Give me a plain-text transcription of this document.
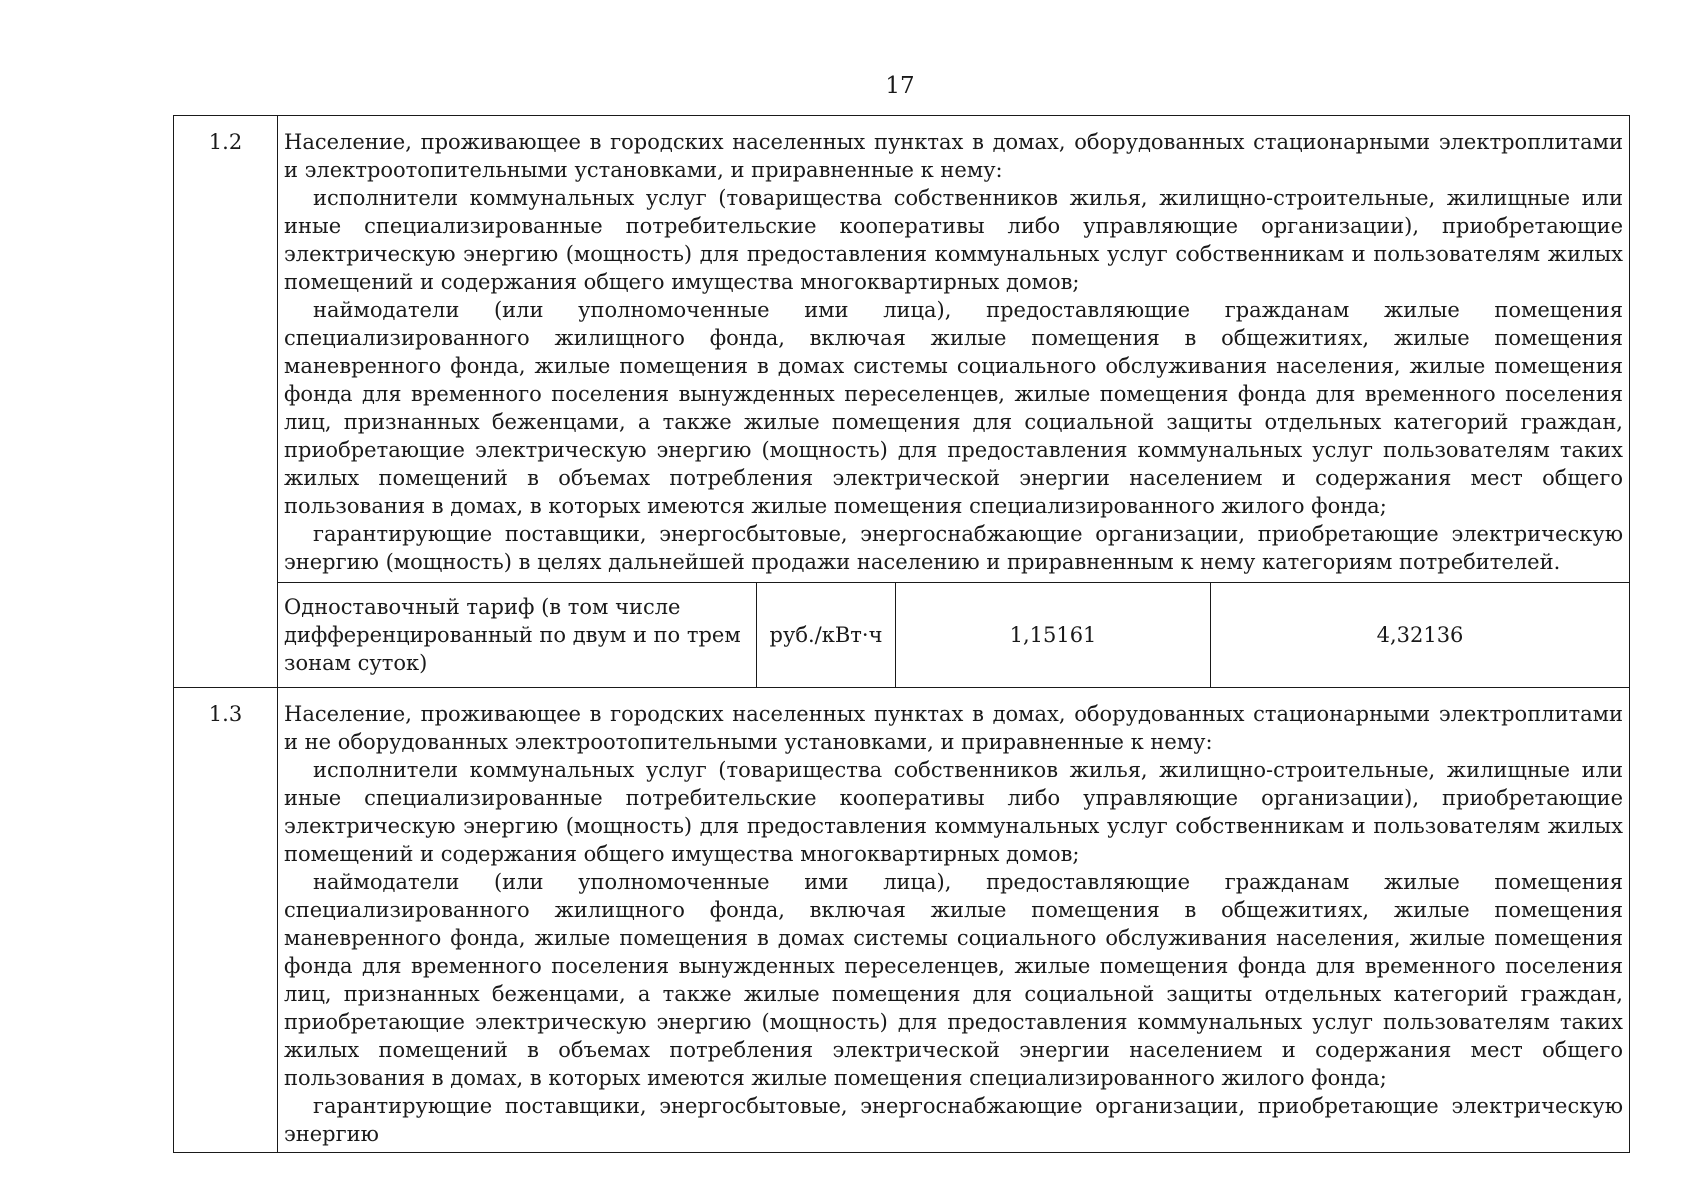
17
1.2	Население, проживающее в городских населенных пунктах в домах, оборудованных стационарными электроплитами и электроотопительными установками, и приравненные к нему:

исполнители коммунальных услуг (товарищества собственников жилья, жилищно-строительные, жилищные или иные специализированные потребительские кооперативы либо управляющие организации), приобретающие электрическую энергию (мощность) для предоставления коммунальных услуг собственникам и пользователям жилых помещений и содержания общего имущества многоквартирных домов;

наймодатели (или уполномоченные ими лица), предоставляющие гражданам жилые помещения специализированного жилищного фонда, включая жилые помещения в общежитиях, жилые помещения маневренного фонда, жилые помещения в домах системы социального обслуживания населения, жилые помещения фонда для временного поселения вынужденных переселенцев, жилые помещения фонда для временного поселения лиц, признанных беженцами, а также жилые помещения для социальной защиты отдельных категорий граждан, приобретающие электрическую энергию (мощность) для предоставления коммунальных услуг пользователям таких жилых помещений в объемах потребления электрической энергии населением и содержания мест общего пользования в домах, в которых имеются жилые помещения специализированного жилого фонда;

гарантирующие поставщики, энергосбытовые, энергоснабжающие организации, приобретающие электрическую энергию (мощность) в целях дальнейшей продажи населению и приравненным к нему категориям потребителей.

Одноставочный тариф (в том числе дифференцированный по двум и по трем зонам суток)	руб./кВт·ч	1,15161	4,32136

1.3	Население, проживающее в городских населенных пунктах в домах, оборудованных стационарными электроплитами и не оборудованных электроотопительными установками, и приравненные к нему:

исполнители коммунальных услуг (товарищества собственников жилья, жилищно-строительные, жилищные или иные специализированные потребительские кооперативы либо управляющие организации), приобретающие электрическую энергию (мощность) для предоставления коммунальных услуг собственникам и пользователям жилых помещений и содержания общего имущества многоквартирных домов;

наймодатели (или уполномоченные ими лица), предоставляющие гражданам жилые помещения специализированного жилищного фонда, включая жилые помещения в общежитиях, жилые помещения маневренного фонда, жилые помещения в домах системы социального обслуживания населения, жилые помещения фонда для временного поселения вынужденных переселенцев, жилые помещения фонда для временного поселения лиц, признанных беженцами, а также жилые помещения для социальной защиты отдельных категорий граждан, приобретающие электрическую энергию (мощность) для предоставления коммунальных услуг пользователям таких жилых помещений в объемах потребления электрической энергии населением и содержания мест общего пользования в домах, в которых имеются жилые помещения специализированного жилого фонда;

гарантирующие поставщики, энергосбытовые, энергоснабжающие организации, приобретающие электрическую энергию
